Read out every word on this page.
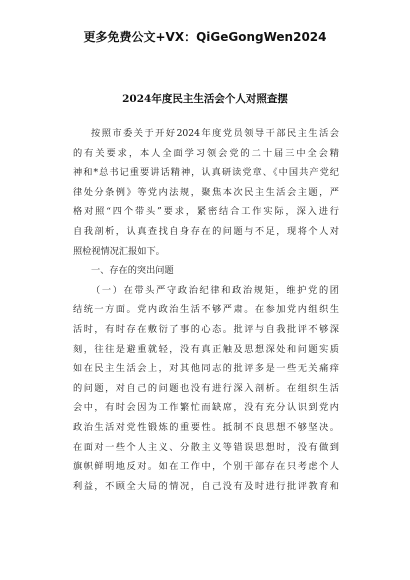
更多免费公文+VX：QiGeGongWen2024
2024年度民主生活会个人对照查摆
按照市委关于开好2024年度党员领导干部民主生活会
的有关要求，本人全面学习领会党的二十届三中全会精
神和*总书记重要讲话精神，认真研读党章、《中国共产党纪
律处分条例》等党内法规，聚焦本次民主生活会主题，严
格对照“四个带头”要求，紧密结合工作实际，深入进行
自我剖析，认真查找自身存在的问题与不足，现将个人对
照检视情况汇报如下。
一、存在的突出问题
（一）在带头严守政治纪律和政治规矩，维护党的团
结统一方面。党内政治生活不够严肃。在参加党内组织生
活时，有时存在敷衍了事的心态。批评与自我批评不够深
刻，往往是避重就轻，没有真正触及思想深处和问题实质
如在民主生活会上，对其他同志的批评多是一些无关痛痒
的问题，对自己的问题也没有进行深入剖析。在组织生活
会中，有时会因为工作繁忙而缺席，没有充分认识到党内
政治生活对党性锻炼的重要性。抵制不良思想不够坚决。
在面对一些个人主义、分散主义等错误思想时，没有做到
旗帜鲜明地反对。如在工作中，个别干部存在只考虑个人
利益，不顾全大局的情况，自己没有及时进行批评教育和
